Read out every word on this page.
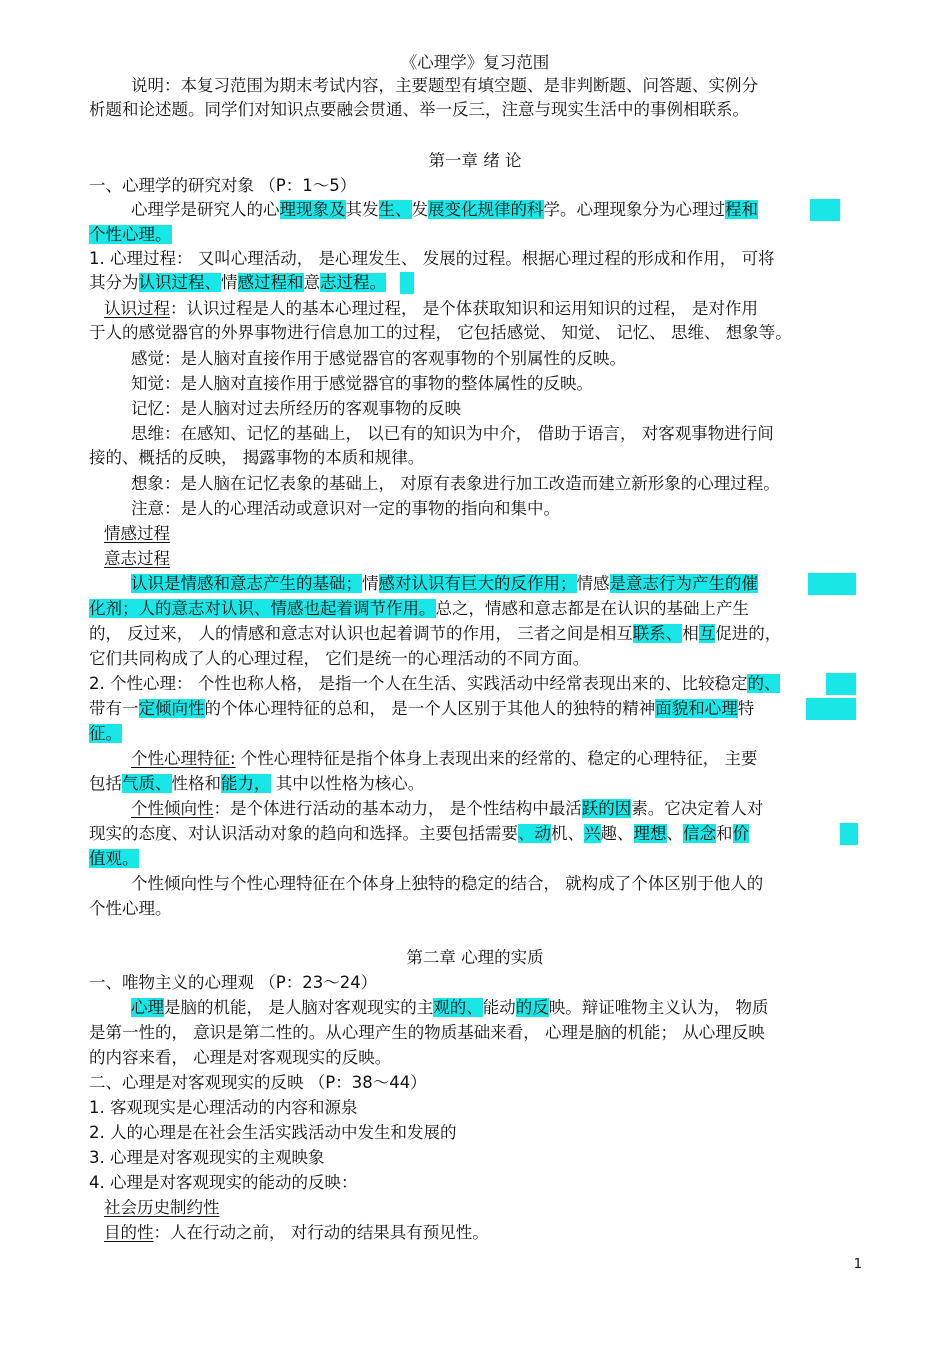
《心理学》复习范围
说明：本复习范围为期末考试内容，主要题型有填空题、是非判断题、问答题、实例分
析题和论述题。同学们对知识点要融会贯通、举一反三，注意与现实生活中的事例相联系。
第一章 绪 论
一、心理学的研究对象 （P：1～5）
心理学是研究人的心理现象及其发生、发展变化规律的科学。心理现象分为心理过程和
个性心理。
1. 心理过程： 又叫心理活动， 是心理发生、 发展的过程。根据心理过程的形成和作用， 可将
其分为认识过程、情感过程和意志过程。
认识过程：认识过程是人的基本心理过程， 是个体获取知识和运用知识的过程， 是对作用
于人的感觉器官的外界事物进行信息加工的过程， 它包括感觉、 知觉、 记忆、 思维、 想象等。
感觉：是人脑对直接作用于感觉器官的客观事物的个别属性的反映。
知觉：是人脑对直接作用于感觉器官的事物的整体属性的反映。
记忆：是人脑对过去所经历的客观事物的反映
思维：在感知、记忆的基础上， 以已有的知识为中介， 借助于语言， 对客观事物进行间
接的、概括的反映， 揭露事物的本质和规律。
想象：是人脑在记忆表象的基础上， 对原有表象进行加工改造而建立新形象的心理过程。
注意：是人的心理活动或意识对一定的事物的指向和集中。
情感过程
意志过程
认识是情感和意志产生的基础；情感对认识有巨大的反作用；情感是意志行为产生的催
化剂；人的意志对认识、情感也起着调节作用。总之，情感和意志都是在认识的基础上产生
的， 反过来， 人的情感和意志对认识也起着调节的作用， 三者之间是相互联系、相互促进的，
它们共同构成了人的心理过程， 它们是统一的心理活动的不同方面。
2. 个性心理： 个性也称人格， 是指一个人在生活、实践活动中经常表现出来的、比较稳定的、
带有一定倾向性的个体心理特征的总和， 是一个人区别于其他人的独特的精神面貌和心理特
征。
个性心理特征: 个性心理特征是指个体身上表现出来的经常的、稳定的心理特征， 主要
包括气质、性格和能力， 其中以性格为核心。
个性倾向性：是个体进行活动的基本动力， 是个性结构中最活跃的因素。它决定着人对
现实的态度、对认识活动对象的趋向和选择。主要包括需要、动机、兴趣、理想、信念和价
值观。
个性倾向性与个性心理特征在个体身上独特的稳定的结合， 就构成了个体区别于他人的
个性心理。
第二章 心理的实质
一、唯物主义的心理观 （P：23～24）
心理是脑的机能， 是人脑对客观现实的主观的、能动的反映。辩证唯物主义认为， 物质
是第一性的， 意识是第二性的。从心理产生的物质基础来看， 心理是脑的机能； 从心理反映
的内容来看， 心理是对客观现实的反映。
二、心理是对客观现实的反映 （P：38～44）
1. 客观现实是心理活动的内容和源泉
2. 人的心理是在社会生活实践活动中发生和发展的
3. 心理是对客观现实的主观映象
4. 心理是对客观现实的能动的反映：
社会历史制约性
目的性：人在行动之前， 对行动的结果具有预见性。
1
